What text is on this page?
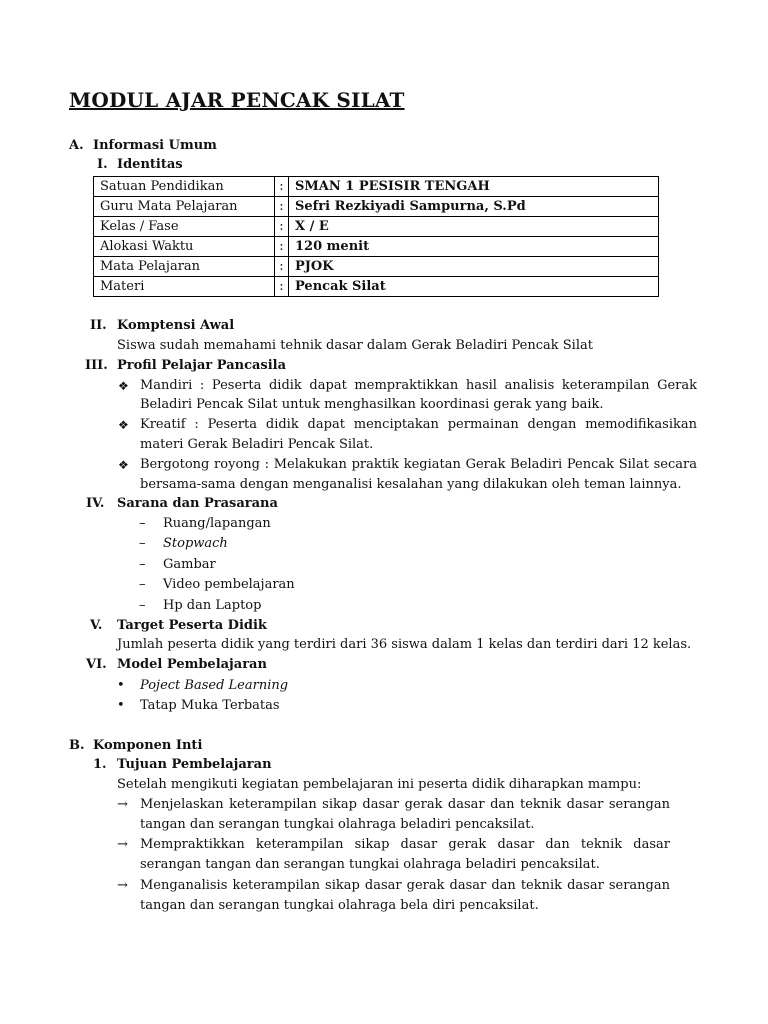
MODUL AJAR PENCAK SILAT
A. Informasi Umum
I. Identitas
Satuan Pendidikan	:	SMAN 1 PESISIR TENGAH
Guru Mata Pelajaran	:	Sefri Rezkiyadi Sampurna, S.Pd
Kelas / Fase	:	X / E
Alokasi Waktu	:	120 menit
Mata Pelajaran	:	PJOK
Materi	:	Pencak Silat
II. Komptensi Awal
Siswa sudah memahami tehnik dasar dalam Gerak Beladiri Pencak Silat
III. Profil Pelajar Pancasila
❖ Mandiri : Peserta didik dapat mempraktikkan hasil analisis keterampilan Gerak
Beladiri Pencak Silat untuk menghasilkan koordinasi gerak yang baik.
❖ Kreatif : Peserta didik dapat menciptakan permainan dengan memodifikasikan
materi Gerak Beladiri Pencak Silat.
❖ Bergotong royong : Melakukan praktik kegiatan Gerak Beladiri Pencak Silat secara
bersama-sama dengan menganalisi kesalahan yang dilakukan oleh teman lainnya.
IV. Sarana dan Prasarana
– Ruang/lapangan
– Stopwach
– Gambar
– Video pembelajaran
– Hp dan Laptop
V. Target Peserta Didik
Jumlah peserta didik yang terdiri dari 36 siswa dalam 1 kelas dan terdiri dari 12 kelas.
VI. Model Pembelajaran
• Poject Based Learning
• Tatap Muka Terbatas
B. Komponen Inti
1. Tujuan Pembelajaran
Setelah mengikuti kegiatan pembelajaran ini peserta didik diharapkan mampu:
→ Menjelaskan keterampilan sikap dasar gerak dasar dan teknik dasar serangan
tangan dan serangan tungkai olahraga beladiri pencaksilat.
→ Mempraktikkan keterampilan sikap dasar gerak dasar dan teknik dasar
serangan tangan dan serangan tungkai olahraga beladiri pencaksilat.
→ Menganalisis keterampilan sikap dasar gerak dasar dan teknik dasar serangan
tangan dan serangan tungkai olahraga bela diri pencaksilat.
